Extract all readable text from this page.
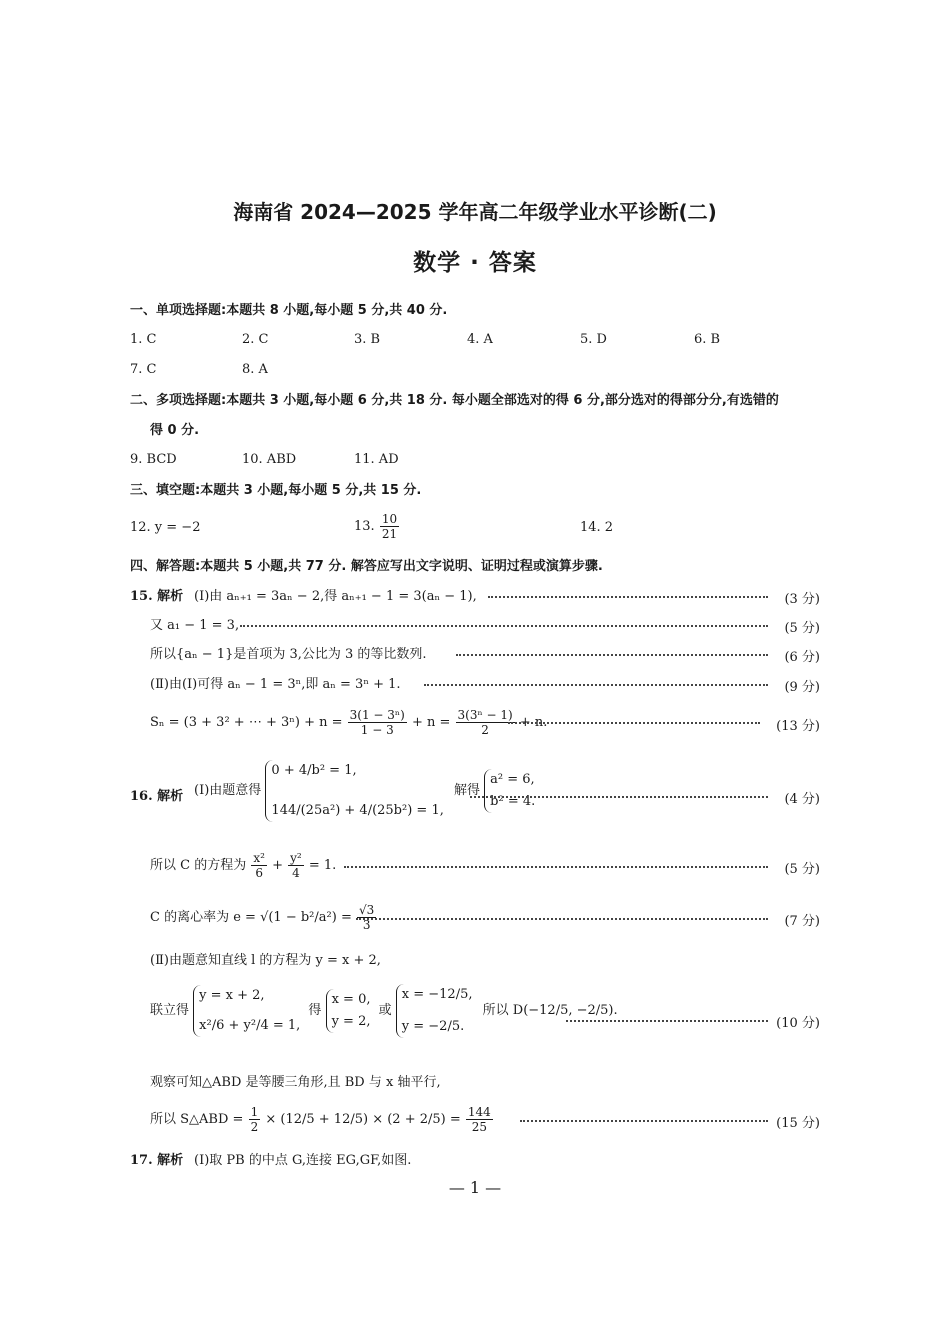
海南省 2024—2025 学年高二年级学业水平诊断(二)
数学 · 答案
一、单项选择题:本题共 8 小题,每小题 5 分,共 40 分.
1. C	2. C	3. B	4. A	5. D	6. B
7. C	8. A
二、多项选择题:本题共 3 小题,每小题 6 分,共 18 分. 每小题全部选对的得 6 分,部分选对的得部分分,有选错的
得 0 分.
9. BCD	10. ABD	11. AD
三、填空题:本题共 3 小题,每小题 5 分,共 15 分.
12. y = −2	13. $\frac{10}{21}$	14. 2
四、解答题:本题共 5 小题,共 77 分. 解答应写出文字说明、证明过程或演算步骤.
15. 解析 (Ⅰ)由 aₙ₊₁ = 3aₙ − 2,得 aₙ₊₁ − 1 = 3(aₙ − 1),	(3 分)
又 a₁ − 1 = 3,	(5 分)
所以{aₙ − 1}是首项为 3,公比为 3 的等比数列.	(6 分)
(Ⅱ)由(Ⅰ)可得 aₙ − 1 = 3ⁿ,即 aₙ = 3ⁿ + 1.	(9 分)
Sₙ = (3 + 3² + ⋯ + $3^n) + n = \frac{\text{3(1 − 3ⁿ)}}{1 - 3} + n = \frac{\text{3(3ⁿ − 1)}}{2} + n$.	(13 分)
16. 解析 (Ⅰ)由题意得
0 + 4/b² = 1,
144/(25a²) + 4/(25b²) = 1,
解得
a² = 6,
b² = 4.	(4 分)
所以 C 的方程为 $\frac{\text{x²}}{6} + \frac{\text{y²}}{4} = 1$.	(5 分)
C 的离心率为 $e = √(1 - b^2/a^2) = \frac{√3}{3}$	(7 分)
(Ⅱ)由题意知直线 l 的方程为 y = x + 2,
联立得
y = x + 2,
x²/6 + y²/4 = 1,
得
x = 0,
y = 2,
或
x = −12/5,
y = −2/5.
所以 D(−12/5, −2/5).
(10 分)
观察可知△ABD 是等腰三角形,且 BD 与 x 轴平行,
所以 S△ABD = $\frac{1}{2} \times (12/5 + 12/5) \times (2 + 2/5) = \frac{144}{25}$	(15 分)
17. 解析 (Ⅰ)取 PB 的中点 G,连接 EG,GF,如图.
— 1 —
